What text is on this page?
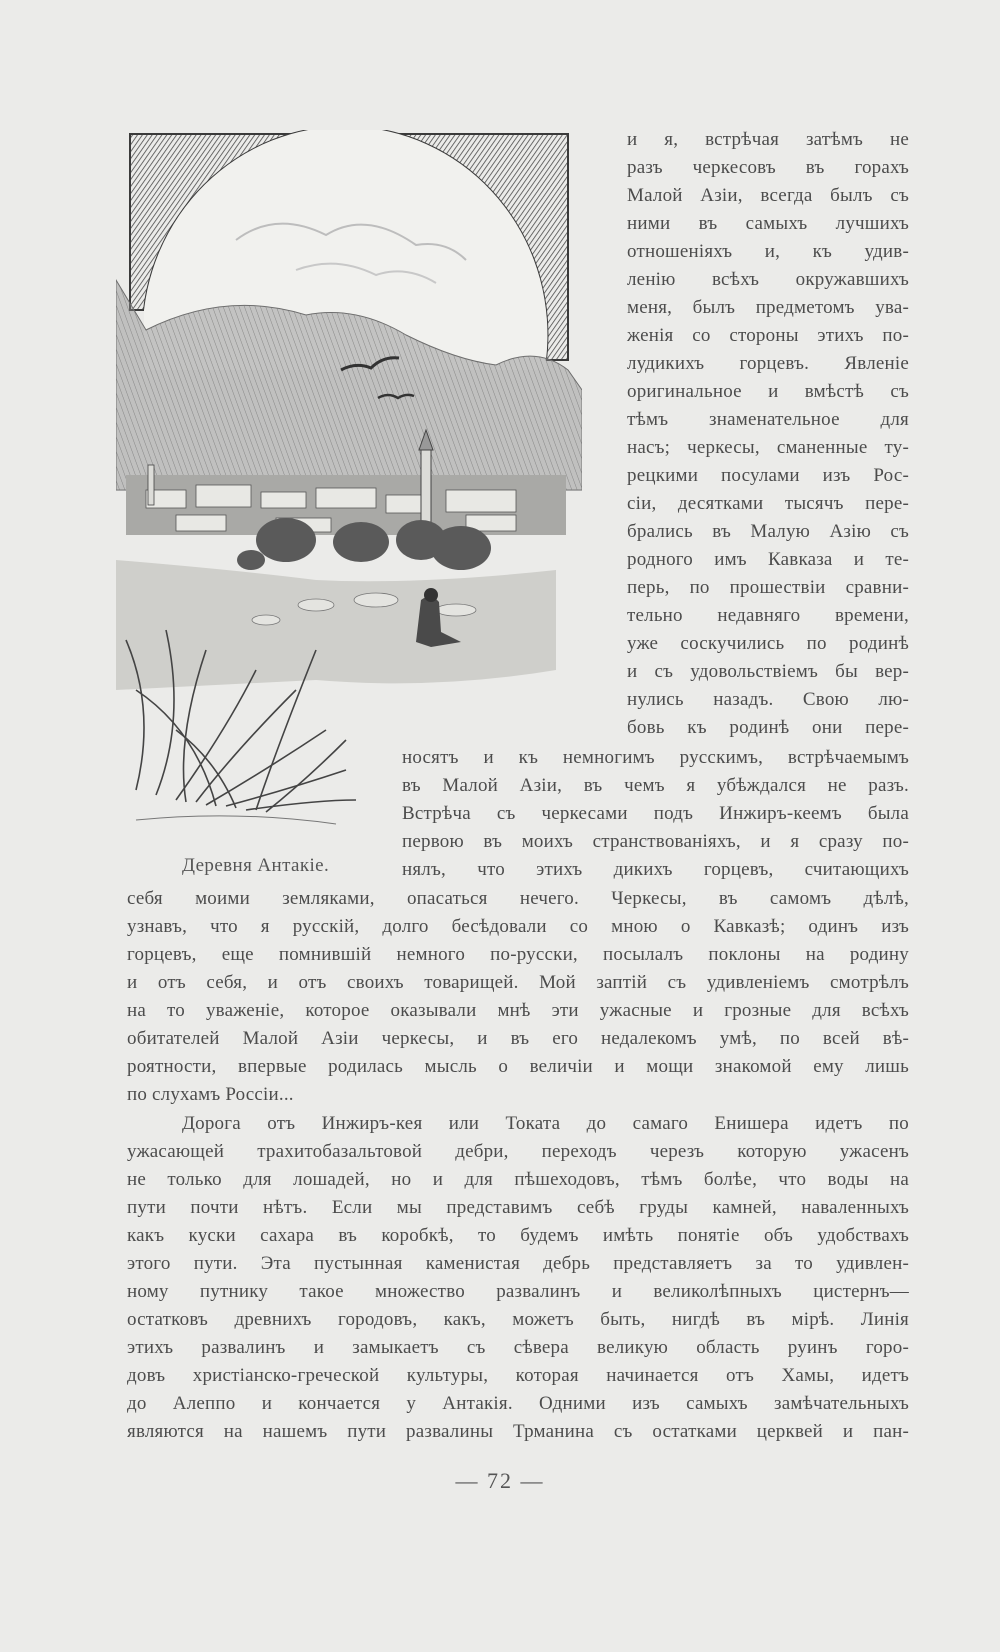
и я, встрѣчая затѣмъ не
разъ черкесовъ въ горахъ
Малой Азіи, всегда былъ съ
ними въ самыхъ лучшихъ
отношеніяхъ и, къ удив-
ленію всѣхъ окружавшихъ
меня, былъ предметомъ ува-
женія со стороны этихъ по-
лудикихъ горцевъ. Явленіе
оригинальное и вмѣстѣ съ
тѣмъ знаменательное для
насъ; черкесы, сманенные ту-
рецкими посулами изъ Рос-
сіи, десятками тысячъ пере-
брались въ Малую Азію съ
родного имъ Кавказа и те-
перь, по прошествіи сравни-
тельно недавняго времени,
уже соскучились по родинѣ
и съ удовольствіемъ бы вер-
нулись назадъ. Свою лю-
бовь къ родинѣ они пере-
носятъ и къ немногимъ русскимъ, встрѣчаемымъ
въ Малой Азіи, въ чемъ я убѣждался не разъ.
Встрѣча съ черкесами подъ Инжиръ-кеемъ была
первою въ моихъ странствованіяхъ, и я сразу по-
нялъ, что этихъ дикихъ горцевъ, считающихъ
Деревня Антакіе.
себя моими земляками, опасаться нечего. Черкесы, въ самомъ дѣлѣ,
узнавъ, что я русскій, долго бесѣдовали со мною о Кавказѣ; одинъ изъ
горцевъ, еще помнившій немного по-русски, посылалъ поклоны на родину
и отъ себя, и отъ своихъ товарищей. Мой заптій съ удивленіемъ смотрѣлъ
на то уваженіе, которое оказывали мнѣ эти ужасные и грозные для всѣхъ
обитателей Малой Азіи черкесы, и въ его недалекомъ умѣ, по всей вѣ-
роятности, впервые родилась мысль о величіи и мощи знакомой ему лишь
по слухамъ Россіи...
Дорога отъ Инжиръ-кея или Токата до самаго Енишера идетъ по
ужасающей трахитобазальтовой дебри, переходъ черезъ которую ужасенъ
не только для лошадей, но и для пѣшеходовъ, тѣмъ болѣе, что воды на
пути почти нѣтъ. Если мы представимъ себѣ груды камней, наваленныхъ
какъ куски сахара въ коробкѣ, то будемъ имѣть понятіе объ удобствахъ
этого пути. Эта пустынная каменистая дебрь представляетъ за то удивлен-
ному путнику такое множество развалинъ и великолѣпныхъ цистернъ—
остатковъ древнихъ городовъ, какъ, можетъ быть, нигдѣ въ мірѣ. Линія
этихъ развалинъ и замыкаетъ съ сѣвера великую область руинъ горо-
довъ христіанско-греческой культуры, которая начинается отъ Хамы, идетъ
до Алеппо и кончается у Антакія. Одними изъ самыхъ замѣчательныхъ
являются на нашемъ пути развалины Трманина съ остатками церквей и пан-
— 72 —
